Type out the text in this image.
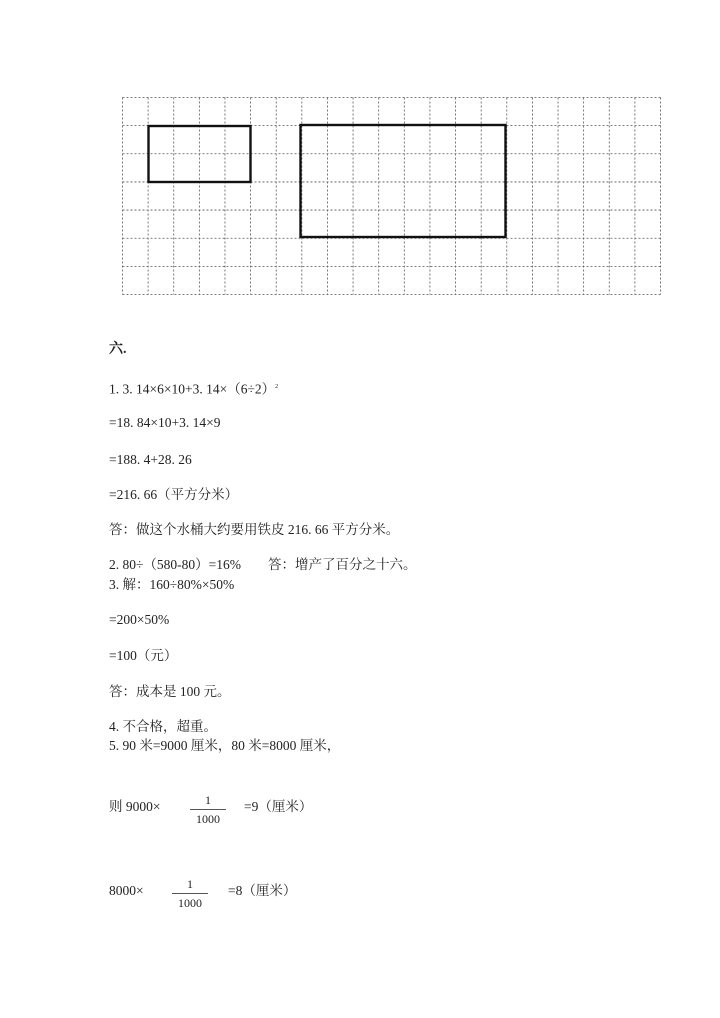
六.
1. 3. 14×6×10+3. $14\times(6\div 2)^2$
=18. 84×10+3. 14×9
=188. 4+28. 26
=216. 66（平方分米）
答：做这个水桶大约要用铁皮 216. 66 平方分米。
2. 80÷（580-80）=16%　　答：增产了百分之十六。
3. 解：160÷80%×50%
=200×50%
=100（元）
答：成本是 100 元。
4. 不合格，超重。
5. 90 米=9000 厘米，80 米=8000 厘米，
则 9000×	1
1000
=9（厘米）
8000×	1
1000
=8（厘米）
